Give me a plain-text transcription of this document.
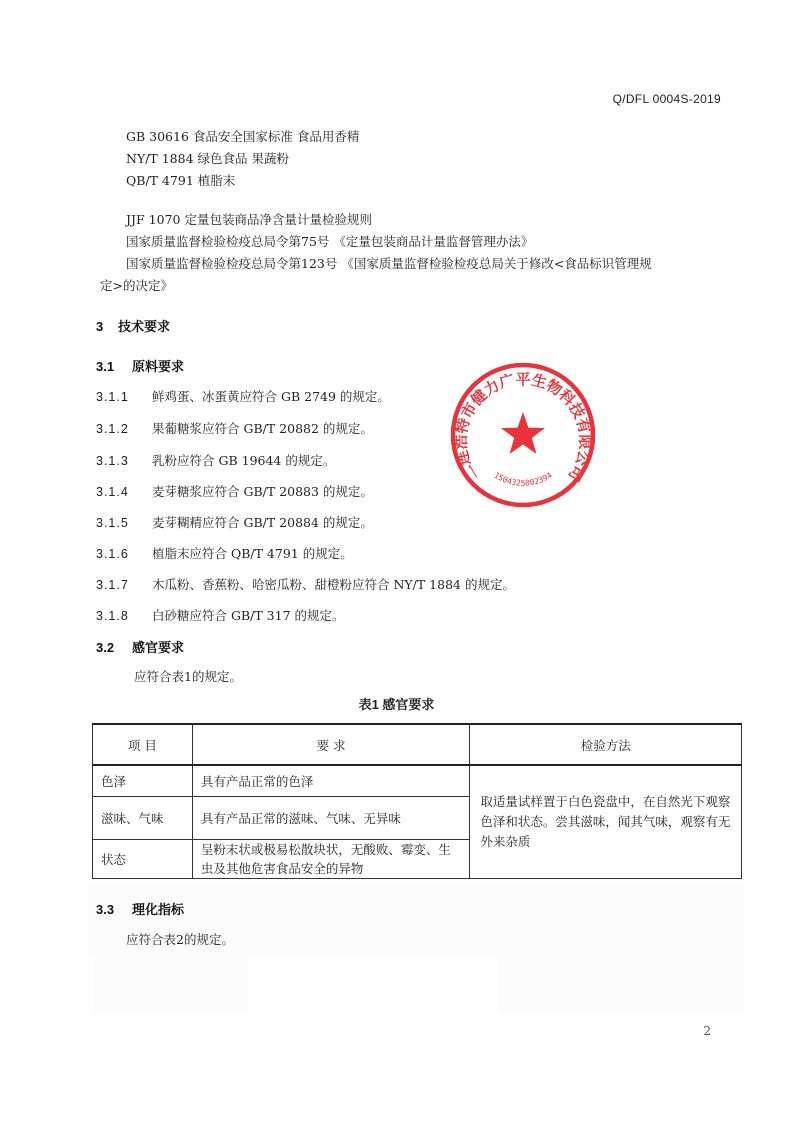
Q/DFL 0004S-2019
GB 30616 食品安全国家标准 食品用香精
NY/T 1884 绿色食品 果蔬粉
QB/T 4791 植脂末
JJF 1070 定量包装商品净含量计量检验规则
国家质量监督检验检疫总局令第75号 《定量包装商品计量监督管理办法》
国家质量监督检验检疫总局令第123号 《国家质量监督检验检疫总局关于修改<食品标识管理规
定>的决定》
3 技术要求
3.1 原料要求
3.1.1 鲜鸡蛋、冰蛋黄应符合 GB 2749 的规定。
3.1.2 果葡糖浆应符合 GB/T 20882 的规定。
3.1.3 乳粉应符合 GB 19644 的规定。
3.1.4 麦芽糖浆应符合 GB/T 20883 的规定。
3.1.5 麦芽糊精应符合 GB/T 20884 的规定。
3.1.6 植脂末应符合 QB/T 4791 的规定。
3.1.7 木瓜粉、香蕉粉、哈密瓜粉、甜橙粉应符合 NY/T 1884 的规定。
3.1.8 白砂糖应符合 GB/T 317 的规定。
3.2 感官要求
应符合表1的规定。
表1 感官要求
项 目	要 求	检验方法
色泽	具有产品正常的色泽	取适量试样置于白色瓷盘中，在自然光下观察色泽和状态。尝其滋味，闻其气味，观察有无外来杂质
滋味、气味	具有产品正常的滋味、气味、无异味	
状态	呈粉末状或极易松散块状，无酸败、霉变、生虫及其他危害食品安全的异物	
3.3 理化指标
应符合表2的规定。
二连浩特市健力广平生物科技有限公司
1504325002394
2
